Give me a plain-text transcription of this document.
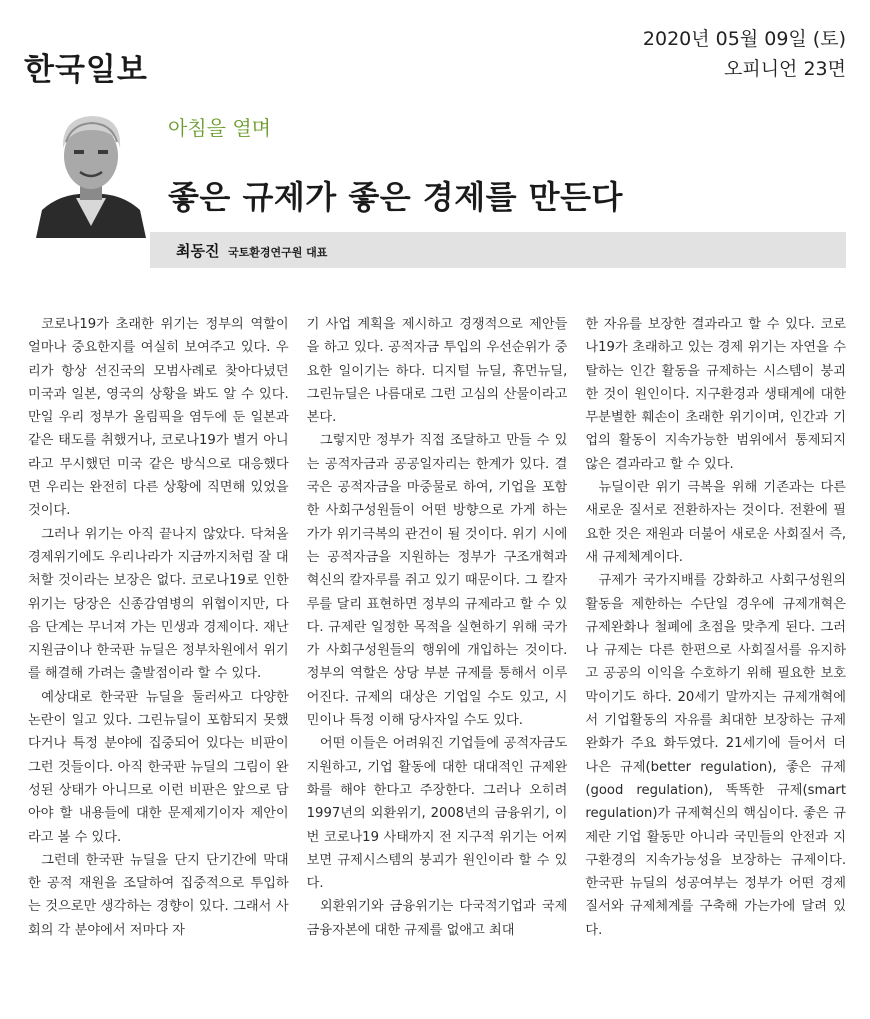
한국일보
2020년 05월 09일 (토)
오피니언 23면
아침을 열며
좋은 규제가 좋은 경제를 만든다
최동진 국토환경연구원 대표

코로나19가 초래한 위기는 정부의 역할이 얼마나 중요한지를 여실히 보여주고 있다. 우리가 항상 선진국의 모범사례로 찾아다녔던 미국과 일본, 영국의 상황을 봐도 알 수 있다. 만일 우리 정부가 올림픽을 염두에 둔 일본과 같은 태도를 취했거나, 코로나19가 별거 아니라고 무시했던 미국 같은 방식으로 대응했다면 우리는 완전히 다른 상황에 직면해 있었을 것이다.

그러나 위기는 아직 끝나지 않았다. 닥쳐올 경제위기에도 우리나라가 지금까지처럼 잘 대처할 것이라는 보장은 없다. 코로나19로 인한 위기는 당장은 신종감염병의 위협이지만, 다음 단계는 무너져 가는 민생과 경제이다. 재난지원금이나 한국판 뉴딜은 정부차원에서 위기를 해결해 가려는 출발점이라 할 수 있다.

예상대로 한국판 뉴딜을 둘러싸고 다양한 논란이 일고 있다. 그린뉴딜이 포함되지 못했다거나 특정 분야에 집중되어 있다는 비판이 그런 것들이다. 아직 한국판 뉴딜의 그림이 완성된 상태가 아니므로 이런 비판은 앞으로 담아야 할 내용들에 대한 문제제기이자 제안이라고 볼 수 있다.

그런데 한국판 뉴딜을 단지 단기간에 막대한 공적 재원을 조달하여 집중적으로 투입하는 것으로만 생각하는 경향이 있다. 그래서 사회의 각 분야에서 저마다 자

기 사업 계획을 제시하고 경쟁적으로 제안들을 하고 있다. 공적자금 투입의 우선순위가 중요한 일이기는 하다. 디지털 뉴딜, 휴먼뉴딜, 그린뉴딜은 나름대로 그런 고심의 산물이라고 본다.

그렇지만 정부가 직접 조달하고 만들 수 있는 공적자금과 공공일자리는 한계가 있다. 결국은 공적자금을 마중물로 하여, 기업을 포함한 사회구성원들이 어떤 방향으로 가게 하는가가 위기극복의 관건이 될 것이다. 위기 시에는 공적자금을 지원하는 정부가 구조개혁과 혁신의 칼자루를 쥐고 있기 때문이다. 그 칼자루를 달리 표현하면 정부의 규제라고 할 수 있다. 규제란 일정한 목적을 실현하기 위해 국가가 사회구성원들의 행위에 개입하는 것이다. 정부의 역할은 상당 부분 규제를 통해서 이루어진다. 규제의 대상은 기업일 수도 있고, 시민이나 특정 이해 당사자일 수도 있다.

어떤 이들은 어려워진 기업들에 공적자금도 지원하고, 기업 활동에 대한 대대적인 규제완화를 해야 한다고 주장한다. 그러나 오히려 1997년의 외환위기, 2008년의 금융위기, 이번 코로나19 사태까지 전 지구적 위기는 어찌 보면 규제시스템의 붕괴가 원인이라 할 수 있다.

외환위기와 금융위기는 다국적기업과 국제 금융자본에 대한 규제를 없애고 최대

한 자유를 보장한 결과라고 할 수 있다. 코로나19가 초래하고 있는 경제 위기는 자연을 수탈하는 인간 활동을 규제하는 시스템이 붕괴한 것이 원인이다. 지구환경과 생태계에 대한 무분별한 훼손이 초래한 위기이며, 인간과 기업의 활동이 지속가능한 범위에서 통제되지 않은 결과라고 할 수 있다.

뉴딜이란 위기 극복을 위해 기존과는 다른 새로운 질서로 전환하자는 것이다. 전환에 필요한 것은 재원과 더불어 새로운 사회질서 즉, 새 규제체계이다.

규제가 국가지배를 강화하고 사회구성원의 활동을 제한하는 수단일 경우에 규제개혁은 규제완화나 철폐에 초점을 맞추게 된다. 그러나 규제는 다른 한편으로 사회질서를 유지하고 공공의 이익을 수호하기 위해 필요한 보호막이기도 하다. 20세기 말까지는 규제개혁에서 기업활동의 자유를 최대한 보장하는 규제완화가 주요 화두였다. 21세기에 들어서 더 나은 규제(better regulation), 좋은 규제(good regulation), 똑똑한 규제(smart regulation)가 규제혁신의 핵심이다. 좋은 규제란 기업 활동만 아니라 국민들의 안전과 지구환경의 지속가능성을 보장하는 규제이다. 한국판 뉴딜의 성공여부는 정부가 어떤 경제 질서와 규제체계를 구축해 가는가에 달려 있다.
